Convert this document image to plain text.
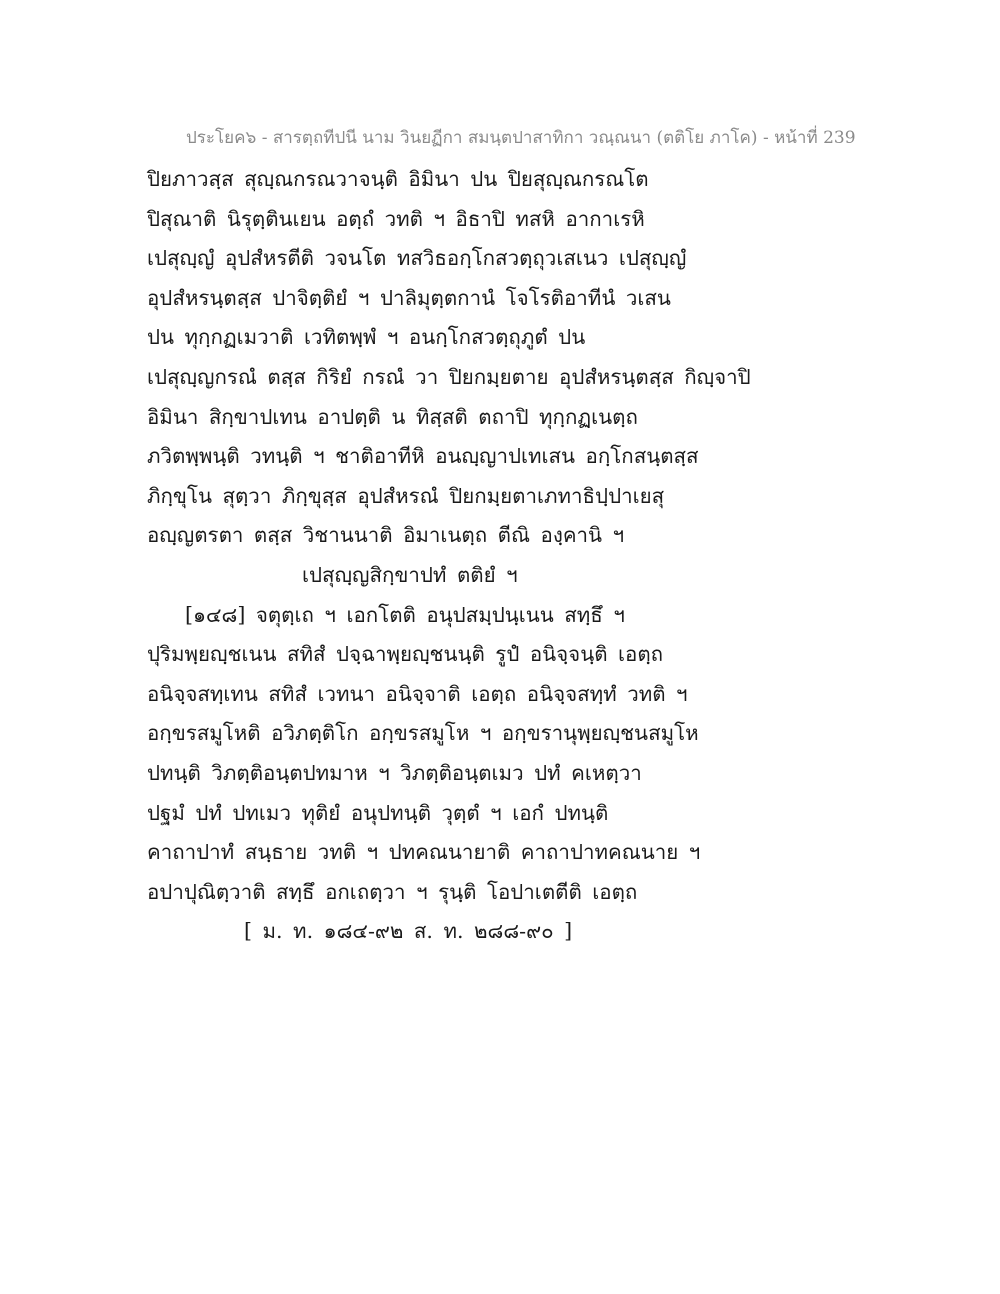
ประโยค๖ - สารตฺถทีปนี นาม วินยฏีกา สมนฺตปาสาทิกา วณฺณนา (ตติโย ภาโค) - หน้าที่ 239
ปิยภาวสฺส สุญฺณกรณวาจนฺติ อิมินา ปน ปิยสุญฺณกรณโต
ปิสุณาติ นิรุตฺตินเยน อตฺถํ วทติ ฯ อิธาปิ ทสหิ อากาเรหิ
เปสุญฺญํ อุปสํหรตีติ วจนโต ทสวิธอกฺโกสวตฺถุวเสเนว เปสุญฺญํ
อุปสํหรนฺตสฺส ปาจิตฺติยํ ฯ ปาลิมุตฺตกานํ โจโรติอาทีนํ วเสน
ปน ทุกฺกฏเมวาติ เวทิตพฺพํ ฯ อนกฺโกสวตฺถุภูตํ ปน
เปสุญฺญกรณํ ตสฺส กิริยํ กรณํ วา ปิยกมฺยตาย อุปสํหรนฺตสฺส กิญฺจาปิ
อิมินา สิกฺขาปเทน อาปตฺติ น ทิสฺสติ ตถาปิ ทุกฺกฏเนตฺถ
ภวิตพฺพนฺติ วทนฺติ ฯ ชาติอาทีหิ อนญฺญาปเทเสน อกฺโกสนฺตสฺส
ภิกฺขุโน สุตฺวา ภิกฺขุสฺส อุปสํหรณํ ปิยกมฺยตาเภทาธิปฺปาเยสุ
อญฺญตรตา ตสฺส วิชานนาติ อิมาเนตฺถ ตีณิ องฺคานิ ฯ
เปสุญฺญสิกฺขาปทํ ตติยํ ฯ
[๑๔๘] จตุตฺเถ ฯ เอกโตติ อนุปสมฺปนฺเนน สทฺธึ ฯ
ปุริมพฺยญฺชเนน สทิสํ ปจฺฉาพฺยญฺชนนฺติ รูปํ อนิจฺจนฺติ เอตฺถ
อนิจฺจสทฺเทน สทิสํ เวทนา อนิจฺจาติ เอตฺถ อนิจฺจสทฺทํ วทติ ฯ
อกฺขรสมูโหติ อวิภตฺติโก อกฺขรสมูโห ฯ อกฺขรานุพฺยญฺชนสมูโห
ปทนฺติ วิภตฺติอนฺตปทมาห ฯ วิภตฺติอนฺตเมว ปทํ คเหตฺวา
ปฐมํ ปทํ ปทเมว ทุติยํ อนุปทนฺติ วุตฺตํ ฯ เอกํ ปทนฺติ
คาถาปาทํ สนฺธาย วทติ ฯ ปทคณนายาติ คาถาปาทคณนาย ฯ
อปาปุณิตฺวาติ สทฺธึ อกเถตฺวา ฯ รุนฺติ โอปาเตตีติ เอตฺถ
[ ม. ท. ๑๘๔-๙๒ ส. ท. ๒๘๘-๙๐ ]
